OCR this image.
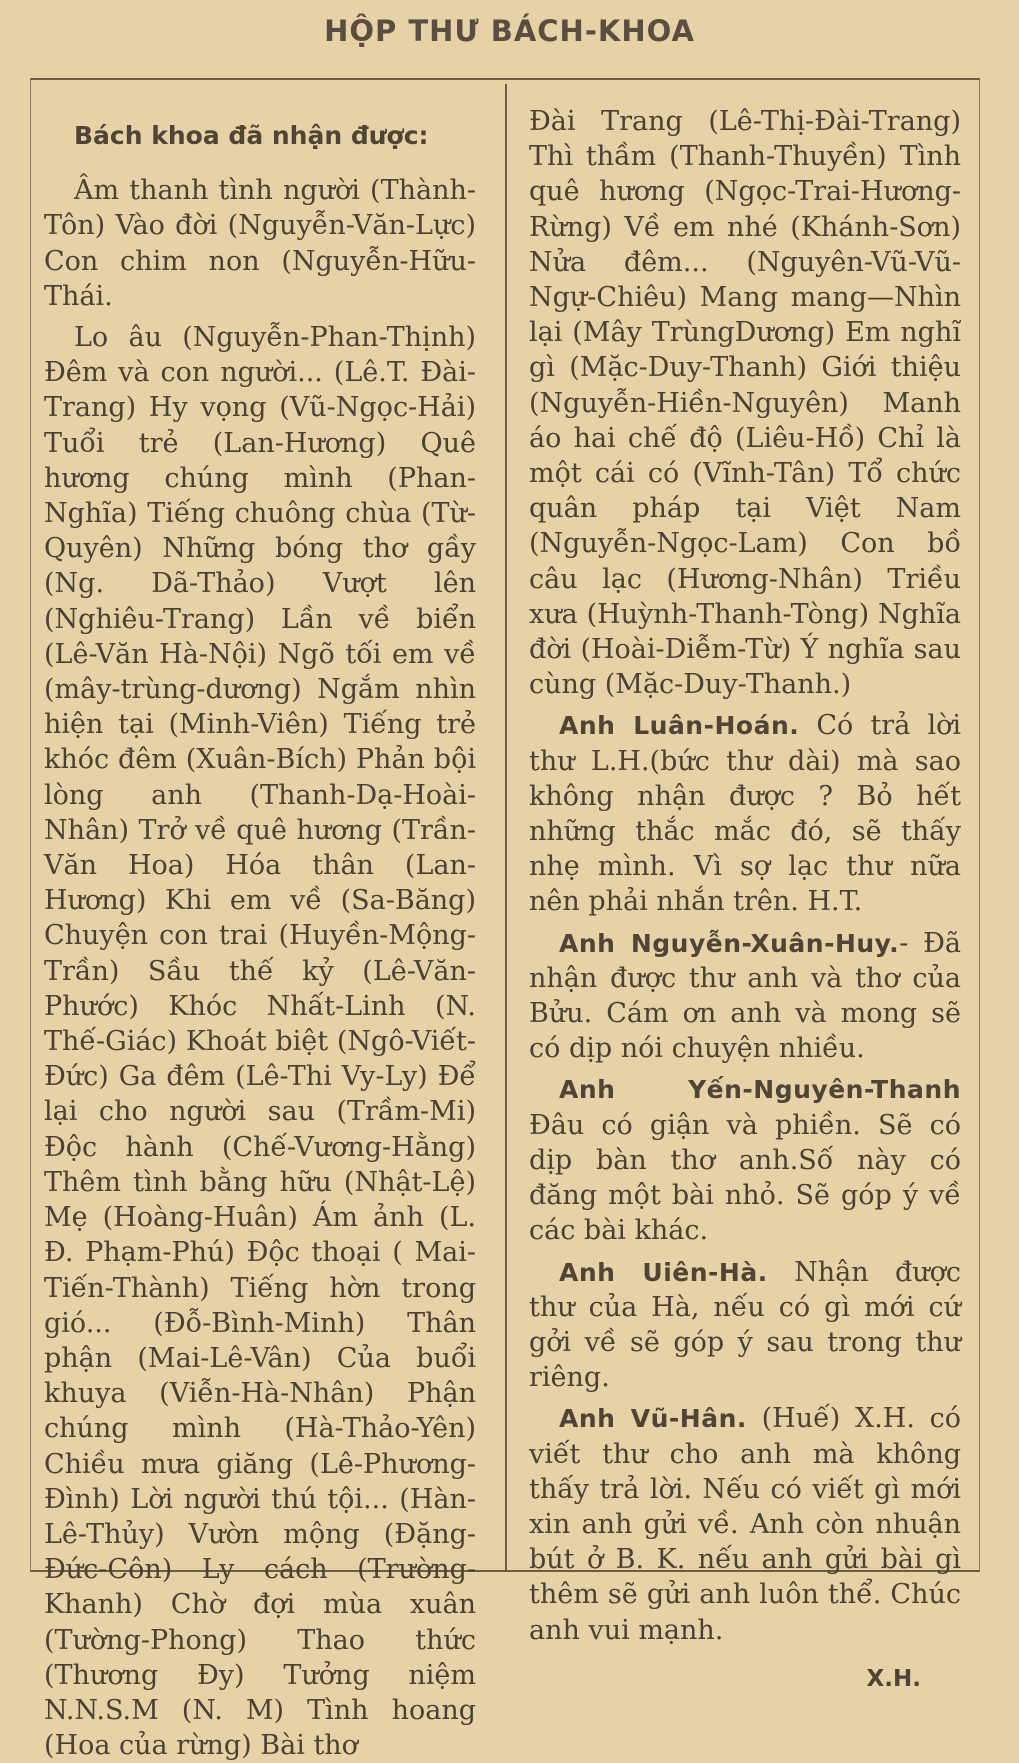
HỘP THƯ BÁCH-KHOA
Bách khoa đã nhận được:

Âm thanh tình người (Thành-Tôn) Vào đời (Nguyễn-Văn-Lực) Con chim non (Nguyễn-Hữu-Thái.

Lo âu (Nguyễn-Phan-Thịnh) Đêm và con người... (Lê.T. Đài-Trang) Hy vọng (Vũ-Ngọc-Hải) Tuổi trẻ (Lan-Hương) Quê hương chúng mình (Phan-Nghĩa) Tiếng chuông chùa (Từ-Quyên) Những bóng thơ gầy (Ng. Dã-Thảo) Vượt lên (Nghiêu-Trang) Lần về biển (Lê-Văn Hà-Nội) Ngõ tối em về (mây-trùng-dương) Ngắm nhìn hiện tại (Minh-Viên) Tiếng trẻ khóc đêm (Xuân-Bích) Phản bội lòng anh (Thanh-Dạ-Hoài-Nhân) Trở về quê hương (Trần-Văn Hoa) Hóa thân (Lan-Hương) Khi em về (Sa-Băng) Chuyện con trai (Huyền-Mộng-Trần) Sầu thế kỷ (Lê-Văn-Phước) Khóc Nhất-Linh (N. Thế-Giác) Khoát biệt (Ngô-Viết-Đức) Ga đêm (Lê-Thi Vy-Ly) Để lại cho người sau (Trầm-Mi) Độc hành (Chế-Vương-Hằng) Thêm tình bằng hữu (Nhật-Lệ) Mẹ (Hoàng-Huân) Ám ảnh (L. Đ. Phạm-Phú) Độc thoại ( Mai-Tiến-Thành) Tiếng hờn trong gió... (Đỗ-Bình-Minh) Thân phận (Mai-Lê-Vân) Của buổi khuya (Viễn-Hà-Nhân) Phận chúng mình (Hà-Thảo-Yên) Chiều mưa giăng (Lê-Phương-Đình) Lời người thú tội... (Hàn-Lê-Thủy) Vườn mộng (Đặng-Đức-Côn) Ly cách (Trường-Khanh) Chờ đợi mùa xuân (Tường-Phong) Thao thức (Thương Đy) Tưởng niệm N.N.S.M (N. M) Tình hoang (Hoa của rừng) Bài thơ

Đài Trang (Lê-Thị-Đài-Trang) Thì thầm (Thanh-Thuyền) Tình quê hương (Ngọc-Trai-Hương-Rừng) Về em nhé (Khánh-Sơn) Nửa đêm... (Nguyên-Vũ-Vũ-Ngự-Chiêu) Mang mang—Nhìn lại (Mây TrùngDương) Em nghĩ gì (Mặc-Duy-Thanh) Giới thiệu (Nguyễn-Hiền-Nguyên) Manh áo hai chế độ (Liêu-Hồ) Chỉ là một cái có (Vĩnh-Tân) Tổ chức quân pháp tại Việt Nam (Nguyễn-Ngọc-Lam) Con bồ câu lạc (Hương-Nhân) Triều xưa (Huỳnh-Thanh-Tòng) Nghĩa đời (Hoài-Diễm-Từ) Ý nghĩa sau cùng (Mặc-Duy-Thanh.)

Anh Luân-Hoán. Có trả lời thư L.H.(bức thư dài) mà sao không nhận được ? Bỏ hết những thắc mắc đó, sẽ thấy nhẹ mình. Vì sợ lạc thư nữa nên phải nhắn trên. H.T.

Anh Nguyễn-Xuân-Huy.- Đã nhận được thư anh và thơ của Bửu. Cám ơn anh và mong sẽ có dịp nói chuyện nhiều.

Anh Yến-Nguyên-Thanh Đâu có giận và phiền. Sẽ có dịp bàn thơ anh.Số này có đăng một bài nhỏ. Sẽ góp ý về các bài khác.

Anh Uiên-Hà. Nhận được thư của Hà, nếu có gì mới cứ gởi về sẽ góp ý sau trong thư riêng.

Anh Vũ-Hân. (Huế) X.H. có viết thư cho anh mà không thấy trả lời. Nếu có viết gì mới xin anh gửi về. Anh còn nhuận bút ở B. K. nếu anh gửi bài gì thêm sẽ gửi anh luôn thể. Chúc anh vui mạnh.

X.H.
